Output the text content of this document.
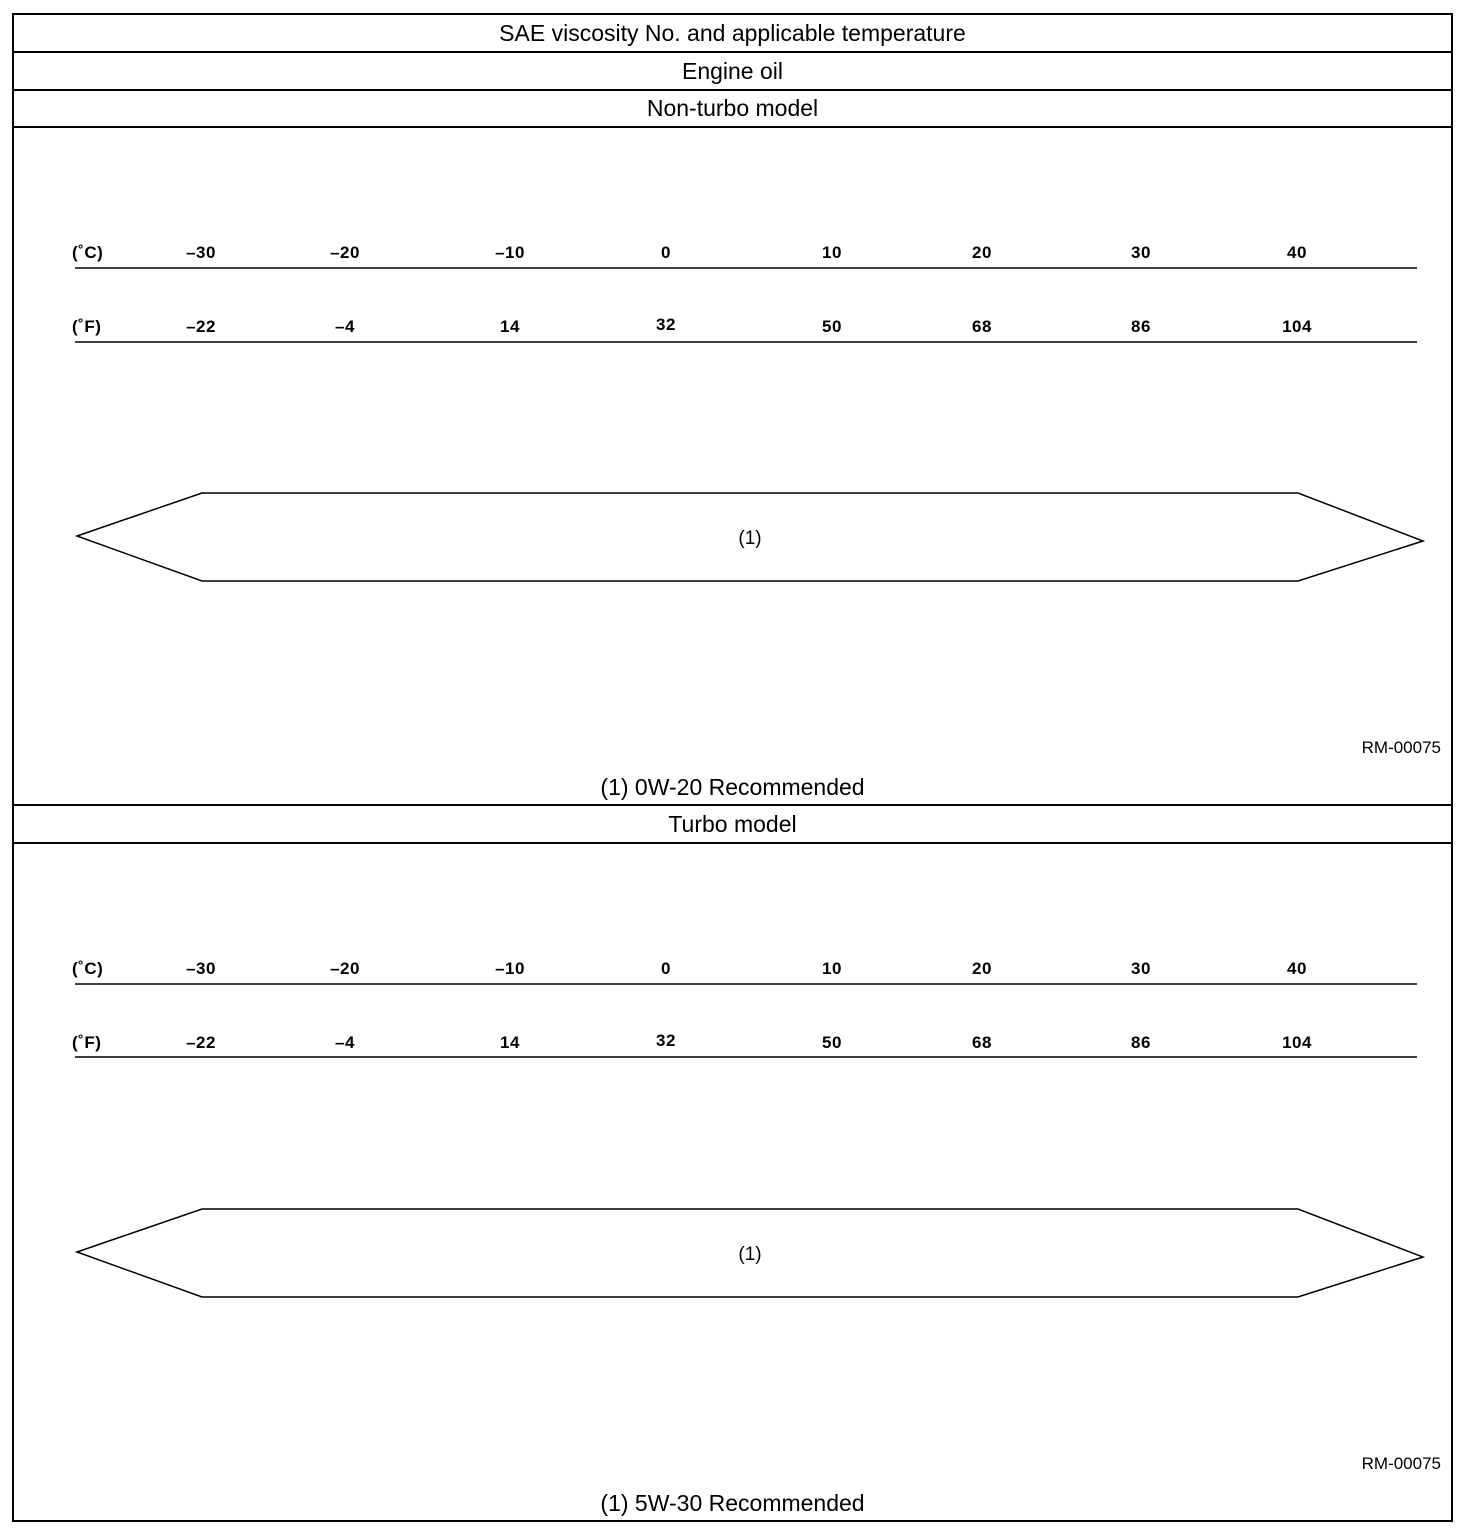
SAE viscosity No. and applicable temperature
Engine oil
Non-turbo model
(˚C)	–30	–20	–10	0	10	20	30	40
(˚F)	–22	–4	14	32	50	68	86	104
(1)
RM-00075
(1) 0W-20 Recommended
Turbo model
(˚C)	–30	–20	–10	0	10	20	30	40
(˚F)	–22	–4	14	32	50	68	86	104
(1)
RM-00075
(1) 5W-30 Recommended
